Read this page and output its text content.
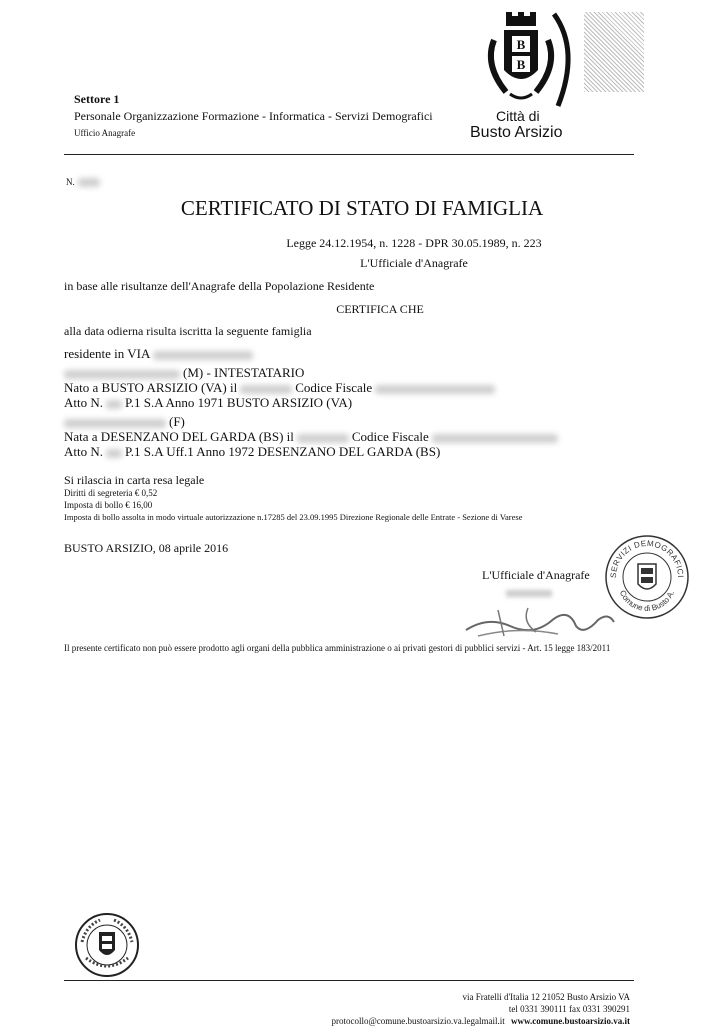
Settore 1
Personale Organizzazione Formazione - Informatica - Servizi Demografici
Ufficio Anagrafe
B
B
Città di
Busto Arsizio
N.
CERTIFICATO DI STATO DI FAMIGLIA
Legge 24.12.1954, n. 1228 - DPR 30.05.1989, n. 223
L'Ufficiale d'Anagrafe
in base alle risultanze dell'Anagrafe della Popolazione Residente
CERTIFICA CHE
alla data odierna risulta iscritta la seguente famiglia
residente in VIA
(M) - INTESTATARIO
Nato a BUSTO ARSIZIO (VA) il	Codice Fiscale
Atto N. P.1 S.A Anno 1971 BUSTO ARSIZIO (VA)
(F)
Nata a DESENZANO DEL GARDA (BS) il	Codice Fiscale
Atto N. P.1 S.A Uff.1 Anno 1972 DESENZANO DEL GARDA (BS)
Si rilascia in carta resa legale
Diritti di segreteria € 0,52
Imposta di bollo € 16,00
Imposta di bollo assolta in modo virtuale autorizzazione n.17285 del 23.09.1995 Direzione Regionale delle Entrate - Sezione di Varese
BUSTO ARSIZIO, 08 aprile 2016
L'Ufficiale d'Anagrafe SERVIZI DEMOGRAFICI
Comune di Busto A.
Il presente certificato non può essere prodotto agli organi della pubblica amministrazione o ai privati gestori di pubblici servizi - Art. 15 legge 183/2011
via Fratelli d'Italia 12 21052 Busto Arsizio VA
tel 0331 390111 fax 0331 390291
protocollo@comune.bustoarsizio.va.legalmail.it www.comune.bustoarsizio.va.it
